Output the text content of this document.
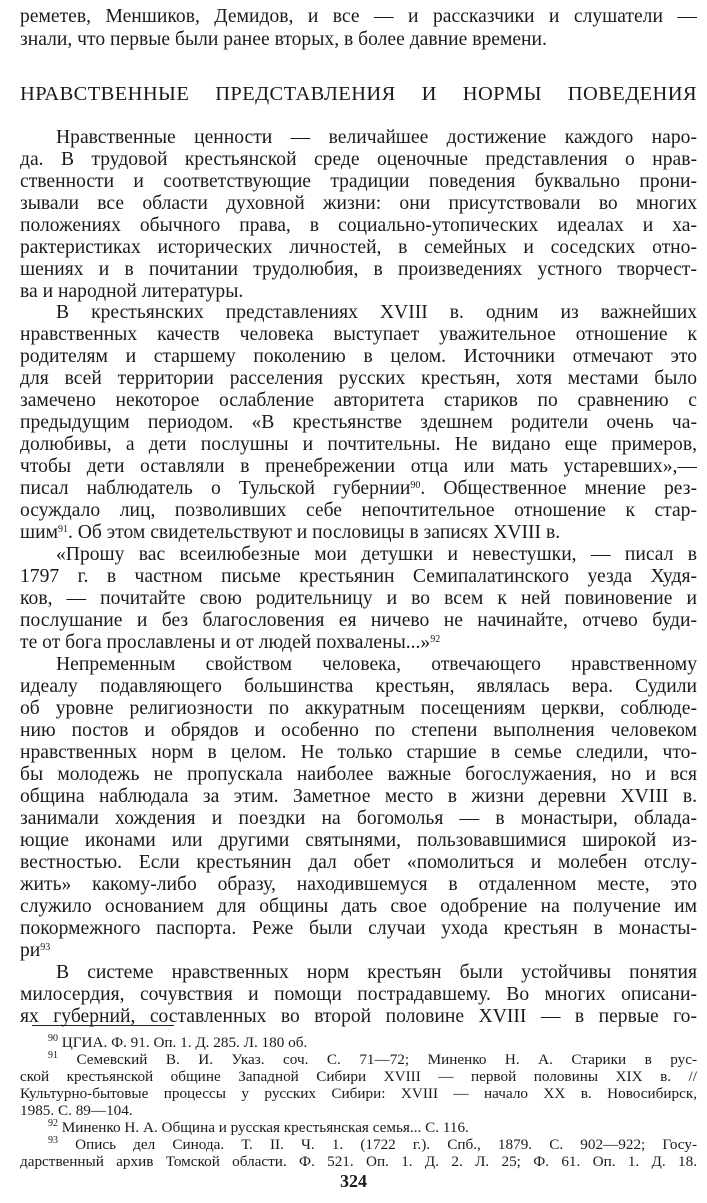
реметев, Меншиков, Демидов, и все — и рассказчики и слушатели —
знали, что первые были ранее вторых, в более давние времени.
НРАВСТВЕННЫЕ ПРЕДСТАВЛЕНИЯ И НОРМЫ ПОВЕДЕНИЯ
Нравственные ценности — величайшее достижение каждого наро-
да. В трудовой крестьянской среде оценочные представления о нрав-
ственности и соответствующие традиции поведения буквально прони-
зывали все области духовной жизни: они присутствовали во многих
положениях обычного права, в социально-утопических идеалах и ха-
рактеристиках исторических личностей, в семейных и соседских отно-
шениях и в почитании трудолюбия, в произведениях устного творчест-
ва и народной литературы.
В крестьянских представлениях XVIII в. одним из важнейших
нравственных качеств человека выступает уважительное отношение к
родителям и старшему поколению в целом. Источники отмечают это
для всей территории расселения русских крестьян, хотя местами было
замечено некоторое ослабление авторитета стариков по сравнению с
предыдущим периодом. «В крестьянстве здешнем родители очень ча-
долюбивы, а дети послушны и почтительны. Не видано еще примеров,
чтобы дети оставляли в пренебрежении отца или мать устаревших»,—
писал наблюдатель о Тульской губернии$^{90}$. Общественное мнение рез-
осуждало лиц, позволивших себе непочтительное отношение к стар-
шим$^{91}$. Об этом свидетельствуют и пословицы в записях XVIII в.
«Прошу вас всеилюбезные мои детушки и невестушки, — писал в
1797 г. в частном письме крестьянин Семипалатинского уезда Худя-
ков, — почитайте свою родительницу и во всем к ней повиновение и
послушание и без благословения ея ничево не начинайте, отчево буди-
те от бога прославлены и от людей похвалены...»$^{92}$
Непременным свойством человека, отвечающего нравственному
идеалу подавляющего большинства крестьян, являлась вера. Судили
об уровне религиозности по аккуратным посещениям церкви, соблюде-
нию постов и обрядов и особенно по степени выполнения человеком
нравственных норм в целом. Не только старшие в семье следили, что-
бы молодежь не пропускала наиболее важные богослужаения, но и вся
община наблюдала за этим. Заметное место в жизни деревни XVIII в.
занимали хождения и поездки на богомолья — в монастыри, облада-
ющие иконами или другими святынями, пользовавшимися широкой из-
вестностью. Если крестьянин дал обет «помолиться и молебен отслу-
жить» какому-либо образу, находившемуся в отдаленном месте, это
служило основанием для общины дать свое одобрение на получение им
покормежного паспорта. Реже были случаи ухода крестьян в монасты-
$ри^{93}$
В системе нравственных норм крестьян были устойчивы понятия
милосердия, сочувствия и помощи пострадавшему. Во многих описани-
ях губерний, составленных во второй половине XVIII — в первые го-
$^{90}$ ЦГИА. Ф. 91. Оп. 1. Д. 285. Л. 180 об.
$^{91}$ Семевский В. И. Указ. соч. С. 71—72; Миненко Н. А. Старики в рус-
ской крестьянской общине Западной Сибири XVIII — первой половины XIX в. //
Культурно-бытовые процессы у русских Сибири: XVIII — начало XX в. Новосибирск,
1985. С. 89—104.
$^{92}$ Миненко Н. А. Община и русская крестьянская семья... С. 116.
$^{93}$ Опись дел Синода. Т. II. Ч. 1. (1722 г.). Спб., 1879. С. 902—922; Госу-
дарственный архив Томской области. Ф. 521. Оп. 1. Д. 2. Л. 25; Ф. 61. Оп. 1. Д. 18.
324
